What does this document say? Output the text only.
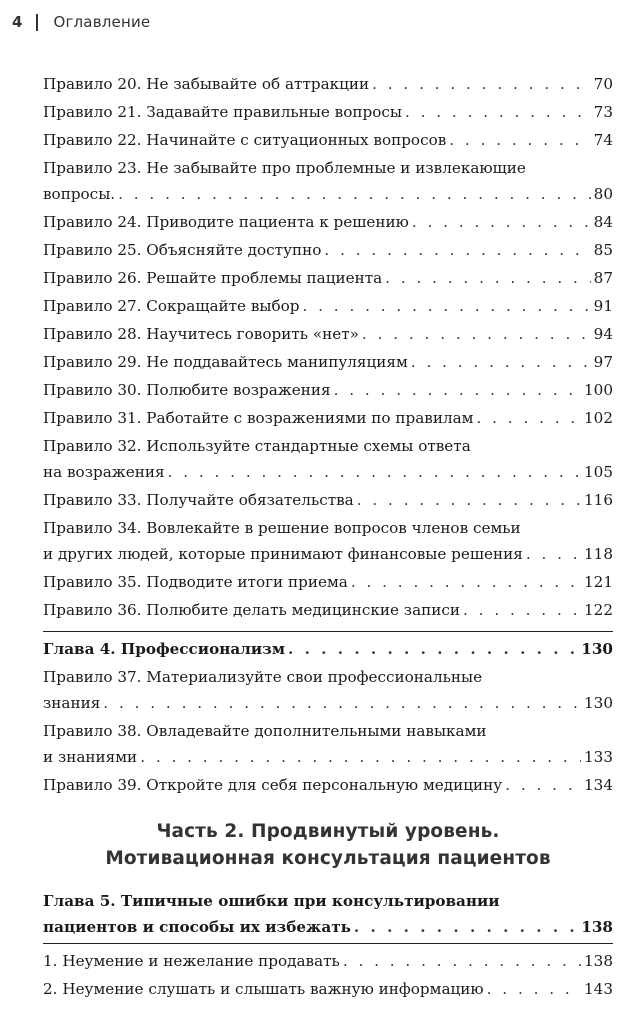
4 Оглавление
Правило 20. Не забывайте об аттракции . . .	70
Правило 21. Задавайте правильные вопросы . . .	73
Правило 22. Начинайте с ситуационных вопросов . . .	74
Правило 23. Не забывайте про проблемные и извлекающие
вопросы. . . .	80
Правило 24. Приводите пациента к решению . . .	84
Правило 25. Объясняйте доступно . . .	85
Правило 26. Решайте проблемы пациента . . .	87
Правило 27. Сокращайте выбор . . .	91
Правило 28. Научитесь говорить «нет» . . .	94
Правило 29. Не поддавайтесь манипуляциям . . .	97
Правило 30. Полюбите возражения . . .	100
Правило 31. Работайте с возражениями по правилам . . .	102
Правило 32. Используйте стандартные схемы ответа
на возражения . . .	105
Правило 33. Получайте обязательства . . .	116
Правило 34. Вовлекайте в решение вопросов членов семьи
и других людей, которые принимают финансовые решения . . .	118
Правило 35. Подводите итоги приема . . .	121
Правило 36. Полюбите делать медицинские записи . . .	122
Глава 4. Профессионализм . . .	130
Правило 37. Материализуйте свои профессиональные
знания . . .	130
Правило 38. Овладевайте дополнительными навыками
и знаниями . . .	133
Правило 39. Откройте для себя персональную медицину . . .	134
Часть 2. Продвинутый уровень.
Мотивационная консультация пациентов
Глава 5. Типичные ошибки при консультировании
пациентов и способы их избежать . . .	138
1. Неумение и нежелание продавать . . .	138
2. Неумение слушать и слышать важную информацию . . .	143
